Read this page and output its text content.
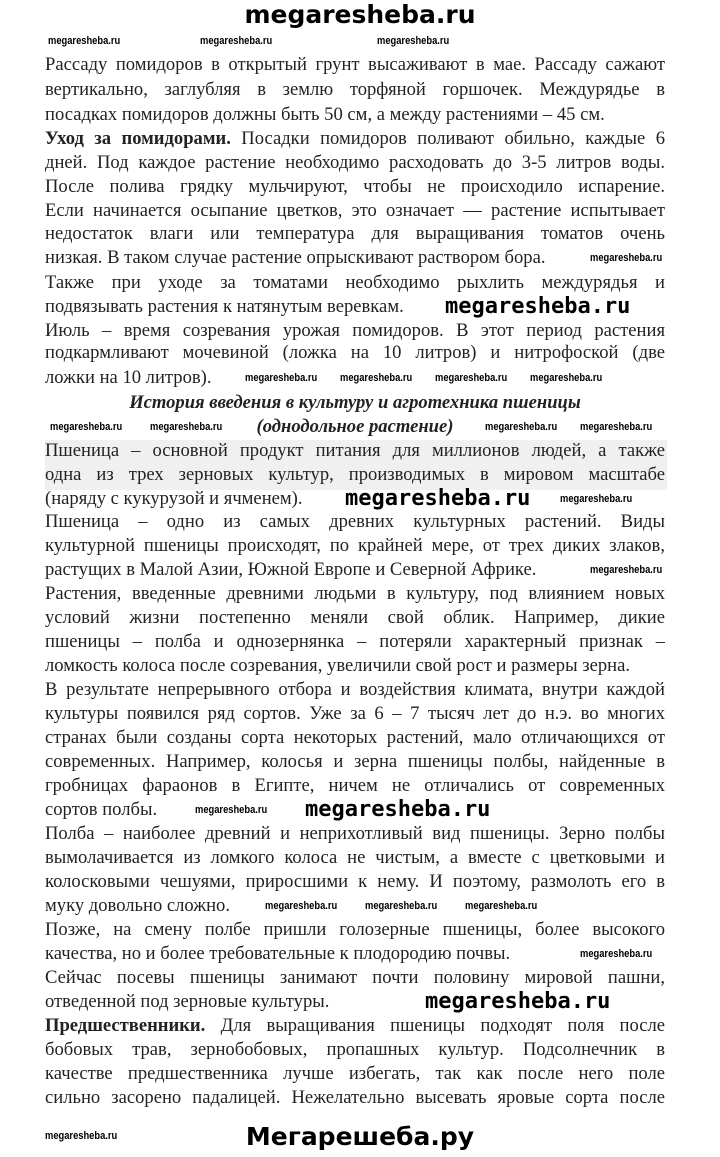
megaresheba.ru
Рассаду помидоров в открытый грунт высаживают в мае. Рассаду сажают
вертикально, заглубляя в землю торфяной горшочек. Междурядье в
посадках помидоров должны быть 50 см, а между растениями – 45 см.
Уход за помидорами. Посадки помидоров поливают обильно, каждые 6
дней. Под каждое растение необходимо расходовать до 3-5 литров воды.
После полива грядку мульчируют, чтобы не происходило испарение.
Если начинается осыпание цветков, это означает — растение испытывает
недостаток влаги или температура для выращивания томатов очень
низкая. В таком случае растение опрыскивают раствором бора.
Также при уходе за томатами необходимо рыхлить междурядья и
подвязывать растения к натянутым веревкам.
Июль – время созревания урожая помидоров. В этот период растения
подкармливают мочевиной (ложка на 10 литров) и нитрофоской (две
ложки на 10 литров).
Пшеница – основной продукт питания для миллионов людей, а также
одна из трех зерновых культур, производимых в мировом масштабе
(наряду с кукурузой и ячменем).
Пшеница – одно из самых древних культурных растений. Виды
культурной пшеницы происходят, по крайней мере, от трех диких злаков,
растущих в Малой Азии, Южной Европе и Северной Африке.
Растения, введенные древними людьми в культуру, под влиянием новых
условий жизни постепенно меняли свой облик. Например, дикие
пшеницы – полба и однозернянка – потеряли характерный признак –
ломкость колоса после созревания, увеличили свой рост и размеры зерна.
В результате непрерывного отбора и воздействия климата, внутри каждой
культуры появился ряд сортов. Уже за 6 – 7 тысяч лет до н.э. во многих
странах были созданы сорта некоторых растений, мало отличающихся от
современных. Например, колосья и зерна пшеницы полбы, найденные в
гробницах фараонов в Египте, ничем не отличались от современных
сортов полбы.
Полба – наиболее древний и неприхотливый вид пшеницы. Зерно полбы
вымолачивается из ломкого колоса не чистым, а вместе с цветковыми и
колосковыми чешуями, приросшими к нему. И поэтому, размолоть его в
муку довольно сложно.
Позже, на смену полбе пришли голозерные пшеницы, более высокого
качества, но и более требовательные к плодородию почвы.
Сейчас посевы пшеницы занимают почти половину мировой пашни,
отведенной под зерновые культуры.
Предшественники. Для выращивания пшеницы подходят поля после
бобовых трав, зернобобовых, пропашных культур. Подсолнечник в
качестве предшественника лучше избегать, так как после него поле
сильно засорено падалицей. Нежелательно высевать яровые сорта после
История введения в культуру и агротехника пшеницы
(однодольное растение)
megaresheba.ru	megaresheba.ru	megaresheba.ru
megaresheba.ru
megaresheba.ru
megaresheba.ru megaresheba.ru megaresheba.ru megaresheba.ru
megaresheba.ru	megaresheba.ru	megaresheba.ru megaresheba.ru
megaresheba.ru	megaresheba.ru
megaresheba.ru
megaresheba.ru megaresheba.ru
megaresheba.ru	megaresheba.ru	megaresheba.ru
megaresheba.ru
megaresheba.ru
megaresheba.ru	Мегарешеба.ру
